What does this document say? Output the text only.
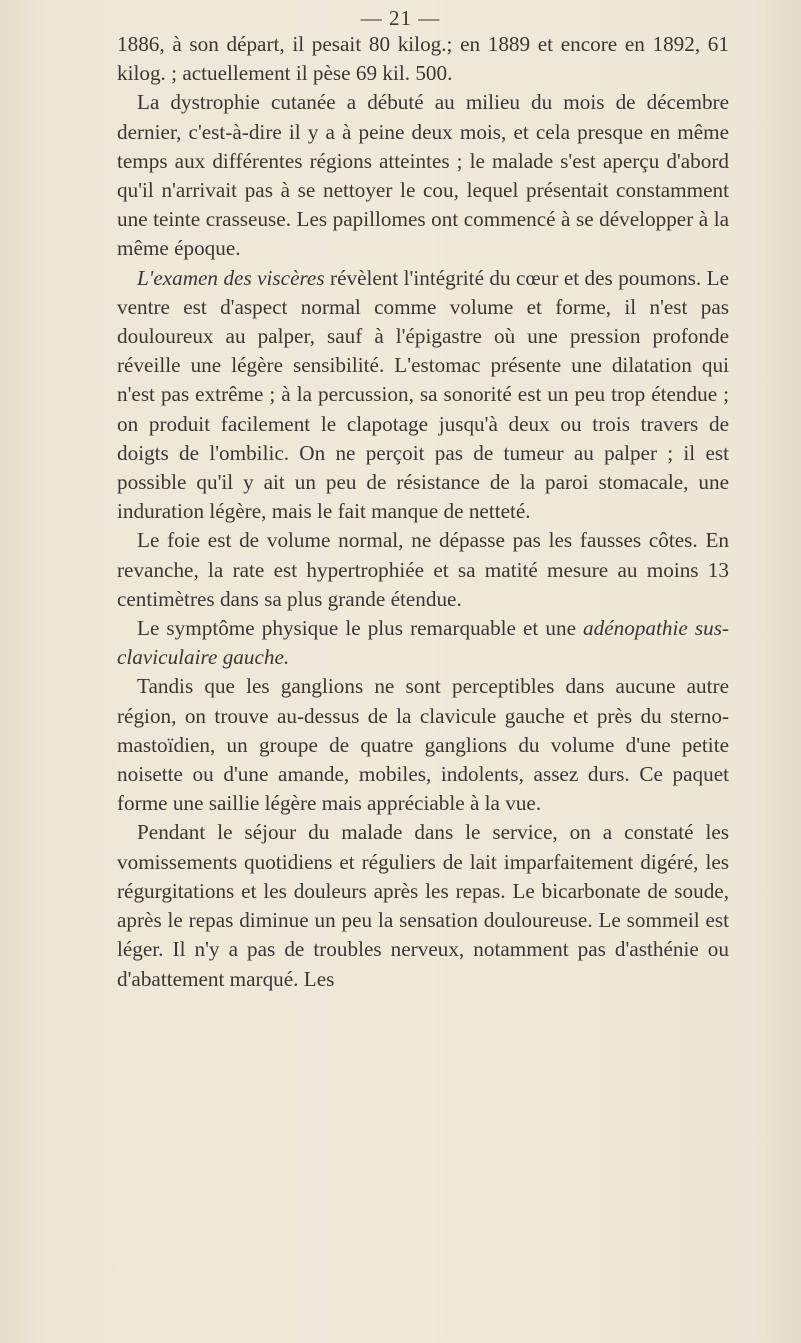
— 21 —

1886, à son départ, il pesait 80 kilog.; en 1889 et encore en 1892, 61 kilog. ; actuellement il pèse 69 kil. 500.

La dystrophie cutanée a débuté au milieu du mois de décembre dernier, c'est-à-dire il y a à peine deux mois, et cela presque en même temps aux différentes régions atteintes ; le malade s'est aperçu d'abord qu'il n'arrivait pas à se nettoyer le cou, lequel présentait constamment une teinte crasseuse. Les papillomes ont commencé à se développer à la même époque.

L'examen des viscères révèlent l'intégrité du cœur et des poumons. Le ventre est d'aspect normal comme volume et forme, il n'est pas douloureux au palper, sauf à l'épigastre où une pression profonde réveille une légère sensibilité. L'estomac présente une dilatation qui n'est pas extrême ; à la percussion, sa sonorité est un peu trop étendue ; on produit facilement le clapotage jusqu'à deux ou trois travers de doigts de l'ombilic. On ne perçoit pas de tumeur au palper ; il est possible qu'il y ait un peu de résistance de la paroi stomacale, une induration légère, mais le fait manque de netteté.

Le foie est de volume normal, ne dépasse pas les fausses côtes. En revanche, la rate est hypertrophiée et sa matité mesure au moins 13 centimètres dans sa plus grande étendue.

Le symptôme physique le plus remarquable et une adénopathie sus-claviculaire gauche.

Tandis que les ganglions ne sont perceptibles dans aucune autre région, on trouve au-dessus de la clavicule gauche et près du sterno-mastoïdien, un groupe de quatre ganglions du volume d'une petite noisette ou d'une amande, mobiles, indolents, assez durs. Ce paquet forme une saillie légère mais appréciable à la vue.

Pendant le séjour du malade dans le service, on a constaté les vomissements quotidiens et réguliers de lait imparfaitement digéré, les régurgitations et les douleurs après les repas. Le bicarbonate de soude, après le repas diminue un peu la sensation douloureuse. Le sommeil est léger. Il n'y a pas de troubles nerveux, notamment pas d'asthénie ou d'abattement marqué. Les
